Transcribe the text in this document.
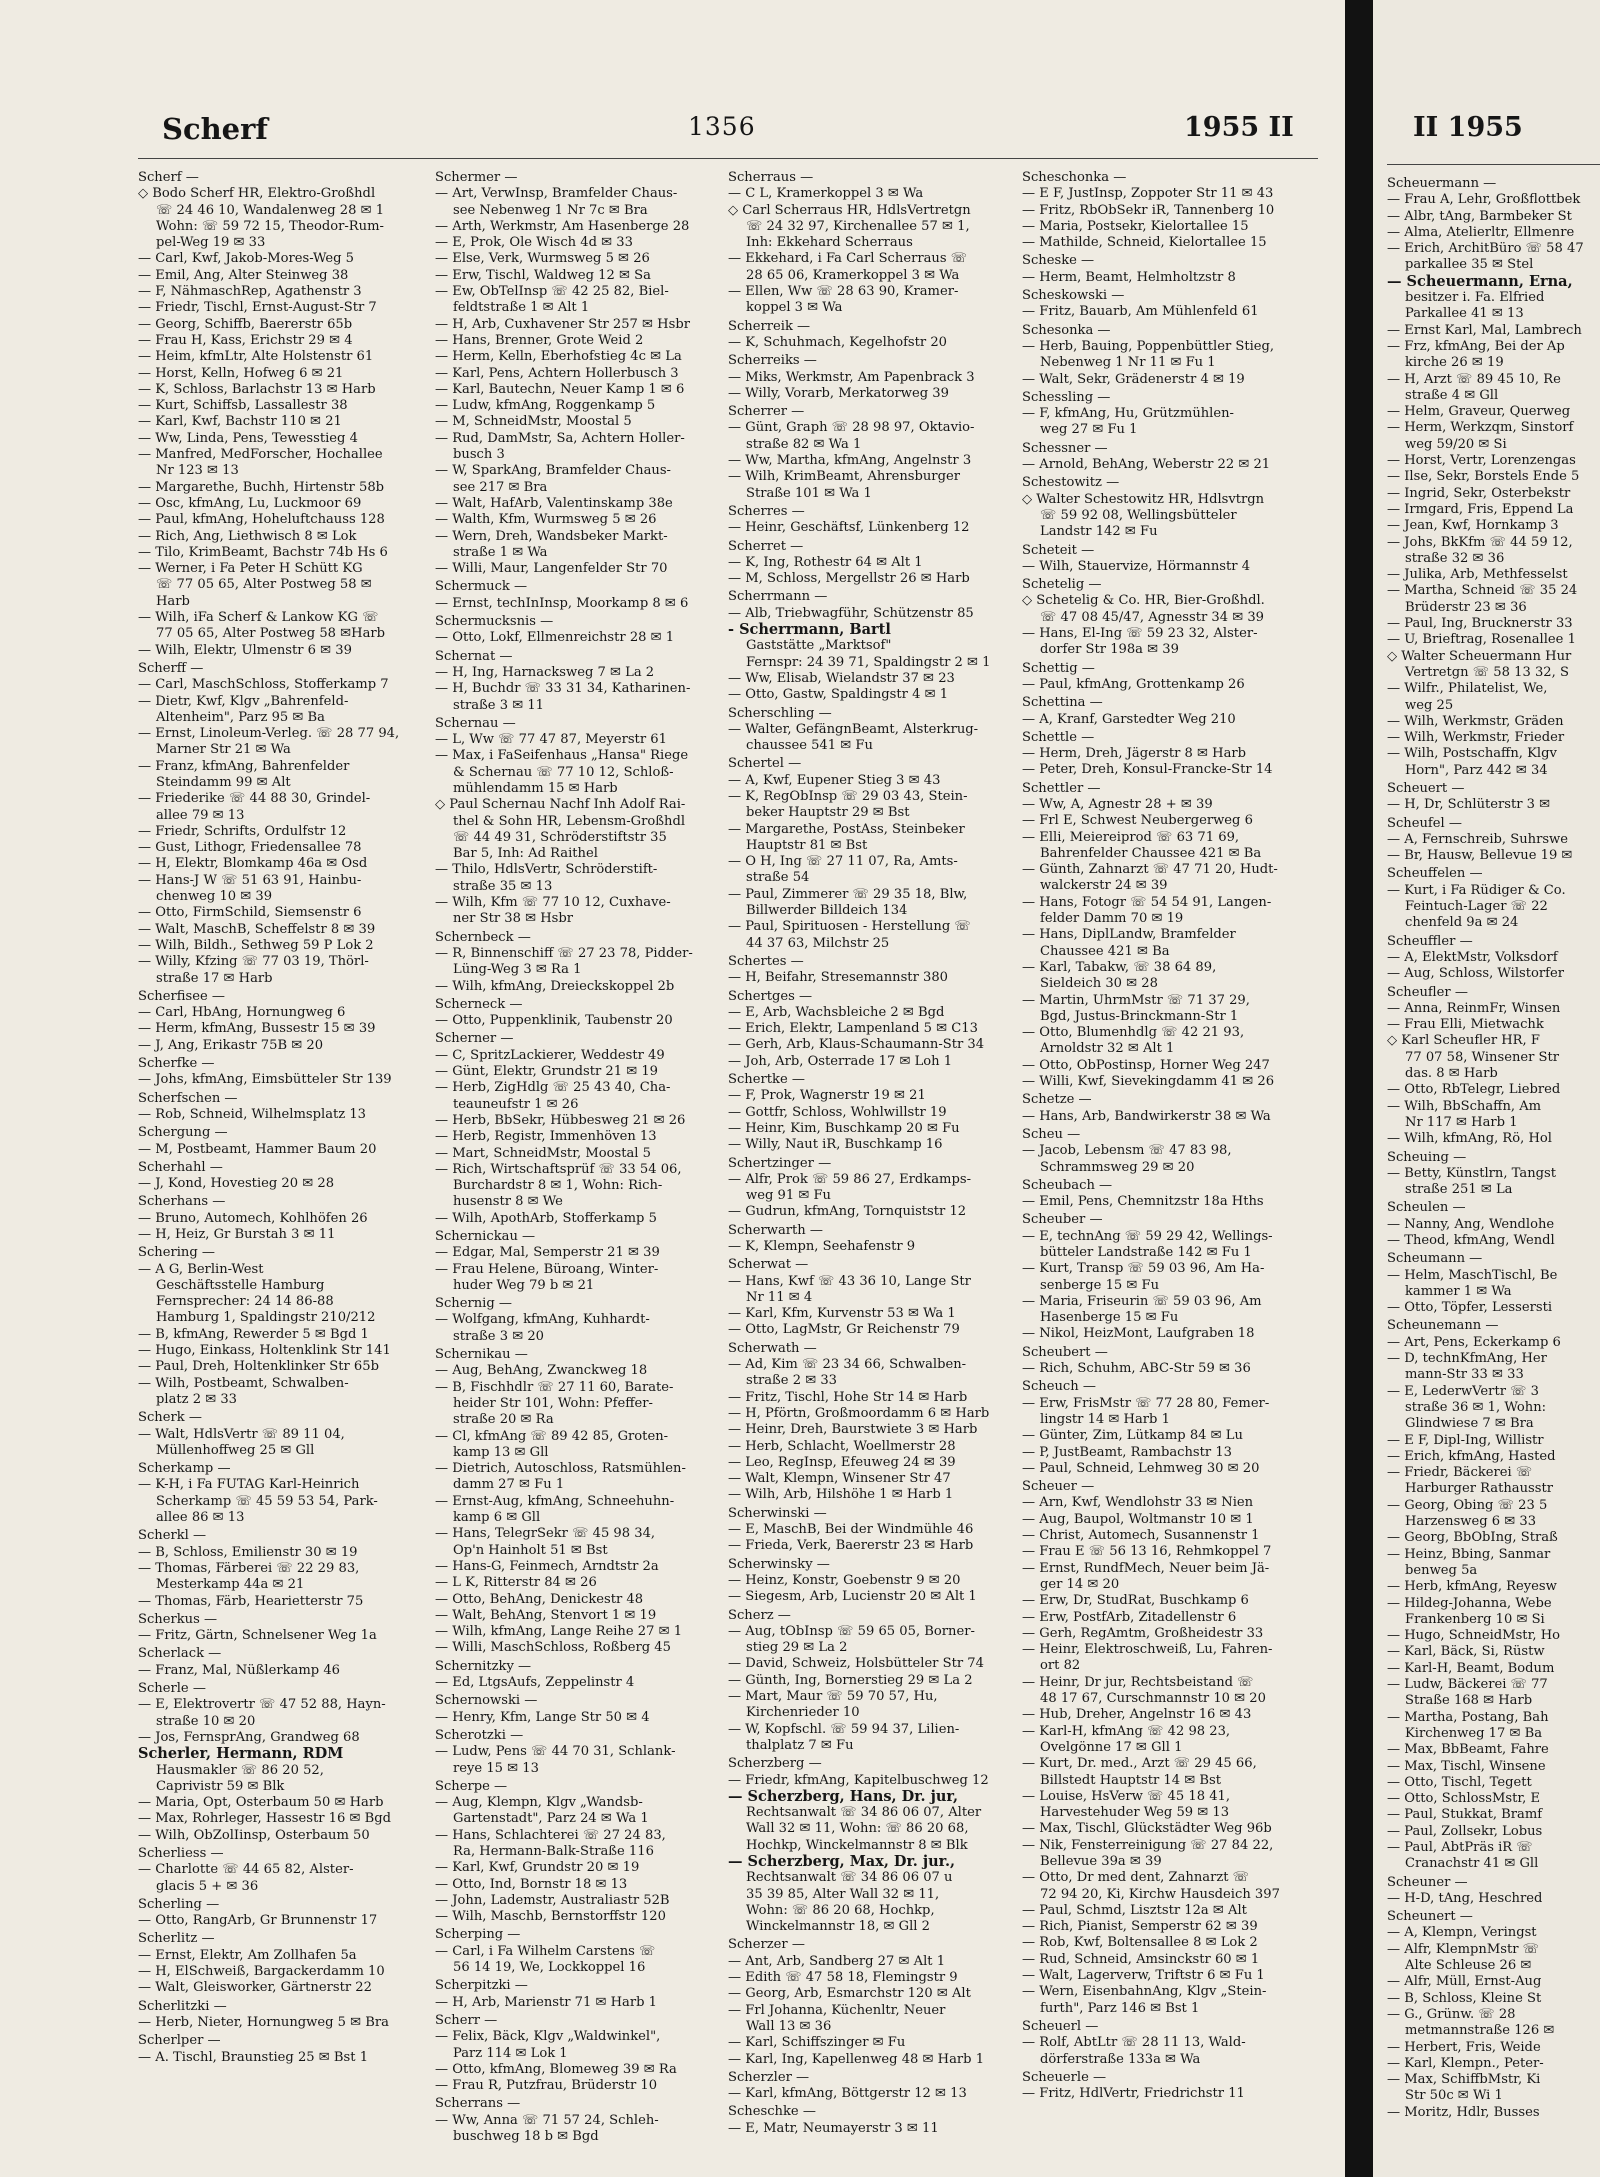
Scherf	1356	1955 II
Scherf —
◇ Bodo Scherf HR, Elektro-Großhdl
☏ 24 46 10, Wandalenweg 28 ✉ 1
Wohn: ☏ 59 72 15, Theodor-Rum-
pel-Weg 19 ✉ 33
— Carl, Kwf, Jakob-Mores-Weg 5
— Emil, Ang, Alter Steinweg 38
— F, NähmaschRep, Agathenstr 3
— Friedr, Tischl, Ernst-August-Str 7
— Georg, Schiffb, Baererstr 65b
— Frau H, Kass, Erichstr 29 ✉ 4
— Heim, kfmLtr, Alte Holstenstr 61
— Horst, Kelln, Hofweg 6 ✉ 21
— K, Schloss, Barlachstr 13 ✉ Harb
— Kurt, Schiffsb, Lassallestr 38
— Karl, Kwf, Bachstr 110 ✉ 21
— Ww, Linda, Pens, Tewesstieg 4
— Manfred, MedForscher, Hochallee
Nr 123 ✉ 13
— Margarethe, Buchh, Hirtenstr 58b
— Osc, kfmAng, Lu, Luckmoor 69
— Paul, kfmAng, Hoheluftchauss 128
— Rich, Ang, Liethwisch 8 ✉ Lok
— Tilo, KrimBeamt, Bachstr 74b Hs 6
— Werner, i Fa Peter H Schütt KG
☏ 77 05 65, Alter Postweg 58 ✉
Harb
— Wilh, iFa Scherf & Lankow KG ☏
77 05 65, Alter Postweg 58 ✉Harb
— Wilh, Elektr, Ulmenstr 6 ✉ 39
Scherff —
— Carl, MaschSchloss, Stofferkamp 7
— Dietr, Kwf, Klgv „Bahrenfeld-
Altenheim", Parz 95 ✉ Ba
— Ernst, Linoleum-Verleg. ☏ 28 77 94,
Marner Str 21 ✉ Wa
— Franz, kfmAng, Bahrenfelder
Steindamm 99 ✉ Alt
— Friederike ☏ 44 88 30, Grindel-
allee 79 ✉ 13
— Friedr, Schrifts, Ordulfstr 12
— Gust, Lithogr, Friedensallee 78
— H, Elektr, Blomkamp 46a ✉ Osd
— Hans-J W ☏ 51 63 91, Hainbu-
chenweg 10 ✉ 39
— Otto, FirmSchild, Siemsenstr 6
— Walt, MaschB, Scheffelstr 8 ✉ 39
— Wilh, Bildh., Sethweg 59 P Lok 2
— Willy, Kfzing ☏ 77 03 19, Thörl-
straße 17 ✉ Harb
Scherfisee —
— Carl, HbAng, Hornungweg 6
— Herm, kfmAng, Bussestr 15 ✉ 39
— J, Ang, Erikastr 75B ✉ 20
Scherfke —
— Johs, kfmAng, Eimsbütteler Str 139
Scherfschen —
— Rob, Schneid, Wilhelmsplatz 13
Schergung —
— M, Postbeamt, Hammer Baum 20
Scherhahl —
— J, Kond, Hovestieg 20 ✉ 28
Scherhans —
— Bruno, Automech, Kohlhöfen 26
— H, Heiz, Gr Burstah 3 ✉ 11
Schering —
— A G, Berlin-West
Geschäftsstelle Hamburg
Fernsprecher: 24 14 86-88
Hamburg 1, Spaldingstr 210/212
— B, kfmAng, Rewerder 5 ✉ Bgd 1
— Hugo, Einkass, Holtenklink Str 141
— Paul, Dreh, Holtenklinker Str 65b
— Wilh, Postbeamt, Schwalben-
platz 2 ✉ 33
Scherk —
— Walt, HdlsVertr ☏ 89 11 04,
Müllenhoffweg 25 ✉ Gll
Scherkamp —
— K-H, i Fa FUTAG Karl-Heinrich
Scherkamp ☏ 45 59 53 54, Park-
allee 86 ✉ 13
Scherkl —
— B, Schloss, Emilienstr 30 ✉ 19
— Thomas, Färberei ☏ 22 29 83,
Mesterkamp 44a ✉ 21
— Thomas, Färb, Hearietterstr 75
Scherkus —
— Fritz, Gärtn, Schnelsener Weg 1a
Scherlack —
— Franz, Mal, Nüßlerkamp 46
Scherle —
— E, Elektrovertr ☏ 47 52 88, Hayn-
straße 10 ✉ 20
— Jos, FernsprAng, Grandweg 68
Scherler, Hermann, RDM
Hausmakler ☏ 86 20 52,
Caprivistr 59 ✉ Blk
— Maria, Opt, Osterbaum 50 ✉ Harb
— Max, Rohrleger, Hassestr 16 ✉ Bgd
— Wilh, ObZolIinsp, Osterbaum 50
Scherliess —
— Charlotte ☏ 44 65 82, Alster-
glacis 5 + ✉ 36
Scherling —
— Otto, RangArb, Gr Brunnenstr 17
Scherlitz —
— Ernst, Elektr, Am Zollhafen 5a
— H, ElSchweiß, Bargackerdamm 10
— Walt, Gleisworker, Gärtnerstr 22
Scherlitzki —
— Herb, Nieter, Hornungweg 5 ✉ Bra
Scherlper —
— A. Tischl, Braunstieg 25 ✉ Bst 1
Schermer —
— Art, VerwInsp, Bramfelder Chaus-
see Nebenweg 1 Nr 7c ✉ Bra
— Arth, Werkmstr, Am Hasenberge 28
— E, Prok, Ole Wisch 4d ✉ 33
— Else, Verk, Wurmsweg 5 ✉ 26
— Erw, Tischl, Waldweg 12 ✉ Sa
— Ew, ObTelInsp ☏ 42 25 82, Biel-
feldtstraße 1 ✉ Alt 1
— H, Arb, Cuxhavener Str 257 ✉ Hsbr
— Hans, Brenner, Grote Weid 2
— Herm, Kelln, Eberhofstieg 4c ✉ La
— Karl, Pens, Achtern Hollerbusch 3
— Karl, Bautechn, Neuer Kamp 1 ✉ 6
— Ludw, kfmAng, Roggenkamp 5
— M, SchneidMstr, Moostal 5
— Rud, DamMstr, Sa, Achtern Holler-
busch 3
— W, SparkAng, Bramfelder Chaus-
see 217 ✉ Bra
— Walt, HafArb, Valentinskamp 38e
— Walth, Kfm, Wurmsweg 5 ✉ 26
— Wern, Dreh, Wandsbeker Markt-
straße 1 ✉ Wa
— Willi, Maur, Langenfelder Str 70
Schermuck —
— Ernst, techInInsp, Moorkamp 8 ✉ 6
Schermucksnis —
— Otto, Lokf, Ellmenreichstr 28 ✉ 1
Schernat —
— H, Ing, Harnacksweg 7 ✉ La 2
— H, Buchdr ☏ 33 31 34, Katharinen-
straße 3 ✉ 11
Schernau —
— L, Ww ☏ 77 47 87, Meyerstr 61
— Max, i FaSeifenhaus „Hansa" Riege
& Schernau ☏ 77 10 12, Schloß-
mühlendamm 15 ✉ Harb
◇ Paul Schernau Nachf Inh Adolf Rai-
thel & Sohn HR, Lebensm-Großhdl
☏ 44 49 31, Schröderstiftstr 35
Bar 5, Inh: Ad Raithel
— Thilo, HdlsVertr, Schröderstift-
straße 35 ✉ 13
— Wilh, Kfm ☏ 77 10 12, Cuxhave-
ner Str 38 ✉ Hsbr
Schernbeck —
— R, Binnenschiff ☏ 27 23 78, Pidder-
Lüng-Weg 3 ✉ Ra 1
— Wilh, kfmAng, Dreieckskoppel 2b
Scherneck —
— Otto, Puppenklinik, Taubenstr 20
Scherner —
— C, SpritzLackierer, Weddestr 49
— Günt, Elektr, Grundstr 21 ✉ 19
— Herb, ZigHdlg ☏ 25 43 40, Cha-
teauneufstr 1 ✉ 26
— Herb, BbSekr, Hübbesweg 21 ✉ 26
— Herb, Registr, Immenhöven 13
— Mart, SchneidMstr, Moostal 5
— Rich, Wirtschaftsprüf ☏ 33 54 06,
Burchardstr 8 ✉ 1, Wohn: Rich-
husenstr 8 ✉ We
— Wilh, ApothArb, Stofferkamp 5
Schernickau —
— Edgar, Mal, Semperstr 21 ✉ 39
— Frau Helene, Büroang, Winter-
huder Weg 79 b ✉ 21
Schernig —
— Wolfgang, kfmAng, Kuhhardt-
straße 3 ✉ 20
Schernikau —
— Aug, BehAng, Zwanckweg 18
— B, Fischhdlr ☏ 27 11 60, Barate-
heider Str 101, Wohn: Pfeffer-
straße 20 ✉ Ra
— Cl, kfmAng ☏ 89 42 85, Groten-
kamp 13 ✉ Gll
— Dietrich, Autoschloss, Ratsmühlen-
damm 27 ✉ Fu 1
— Ernst-Aug, kfmAng, Schneehuhn-
kamp 6 ✉ Gll
— Hans, TelegrSekr ☏ 45 98 34,
Op'n Hainholt 51 ✉ Bst
— Hans-G, Feinmech, Arndtstr 2a
— L K, Ritterstr 84 ✉ 26
— Otto, BehAng, Denickestr 48
— Walt, BehAng, Stenvort 1 ✉ 19
— Wilh, kfmAng, Lange Reihe 27 ✉ 1
— Willi, MaschSchloss, Roßberg 45
Schernitzky —
— Ed, LtgsAufs, Zeppelinstr 4
Schernowski —
— Henry, Kfm, Lange Str 50 ✉ 4
Scherotzki —
— Ludw, Pens ☏ 44 70 31, Schlank-
reye 15 ✉ 13
Scherpe —
— Aug, Klempn, Klgv „Wandsb-
Gartenstadt", Parz 24 ✉ Wa 1
— Hans, Schlachterei ☏ 27 24 83,
Ra, Hermann-Balk-Straße 116
— Karl, Kwf, Grundstr 20 ✉ 19
— Otto, Ind, Bornstr 18 ✉ 13
— John, Lademstr, Australiastr 52B
— Wilh, Maschb, Bernstorffstr 120
Scherping —
— Carl, i Fa Wilhelm Carstens ☏
56 14 19, We, Lockkoppel 16
Scherpitzki —
— H, Arb, Marienstr 71 ✉ Harb 1
Scherr —
— Felix, Bäck, Klgv „Waldwinkel",
Parz 114 ✉ Lok 1
— Otto, kfmAng, Blomeweg 39 ✉ Ra
— Frau R, Putzfrau, Brüderstr 10
Scherrans —
— Ww, Anna ☏ 71 57 24, Schleh-
buschweg 18 b ✉ Bgd
Scherraus —
— C L, Kramerkoppel 3 ✉ Wa
◇ Carl Scherraus HR, HdlsVertretgn
☏ 24 32 97, Kirchenallee 57 ✉ 1,
Inh: Ekkehard Scherraus
— Ekkehard, i Fa Carl Scherraus ☏
28 65 06, Kramerkoppel 3 ✉ Wa
— Ellen, Ww ☏ 28 63 90, Kramer-
koppel 3 ✉ Wa
Scherreik —
— K, Schuhmach, Kegelhofstr 20
Scherreiks —
— Miks, Werkmstr, Am Papenbrack 3
— Willy, Vorarb, Merkatorweg 39
Scherrer —
— Günt, Graph ☏ 28 98 97, Oktavio-
straße 82 ✉ Wa 1
— Ww, Martha, kfmAng, Angelnstr 3
— Wilh, KrimBeamt, Ahrensburger
Straße 101 ✉ Wa 1
Scherres —
— Heinr, Geschäftsf, Lünkenberg 12
Scherret —
— K, Ing, Rothestr 64 ✉ Alt 1
— M, Schloss, Mergellstr 26 ✉ Harb
Scherrmann —
— Alb, Triebwagführ, Schützenstr 85
- Scherrmann, Bartl
Gaststätte „Marktsof"
Fernspr: 24 39 71, Spaldingstr 2 ✉ 1
— Ww, Elisab, Wielandstr 37 ✉ 23
— Otto, Gastw, Spaldingstr 4 ✉ 1
Scherschling —
— Walter, GefängnBeamt, Alsterkrug-
chaussee 541 ✉ Fu
Schertel —
— A, Kwf, Eupener Stieg 3 ✉ 43
— K, RegObInsp ☏ 29 03 43, Stein-
beker Hauptstr 29 ✉ Bst
— Margarethe, PostAss, Steinbeker
Hauptstr 81 ✉ Bst
— O H, Ing ☏ 27 11 07, Ra, Amts-
straße 54
— Paul, Zimmerer ☏ 29 35 18, Blw,
Billwerder Billdeich 134
— Paul, Spirituosen - Herstellung ☏
44 37 63, Milchstr 25
Schertes —
— H, Beifahr, Stresemannstr 380
Schertges —
— E, Arb, Wachsbleiche 2 ✉ Bgd
— Erich, Elektr, Lampenland 5 ✉ C13
— Gerh, Arb, Klaus-Schaumann-Str 34
— Joh, Arb, Osterrade 17 ✉ Loh 1
Schertke —
— F, Prok, Wagnerstr 19 ✉ 21
— Gottfr, Schloss, Wohlwillstr 19
— Heinr, Kim, Buschkamp 20 ✉ Fu
— Willy, Naut iR, Buschkamp 16
Schertzinger —
— Alfr, Prok ☏ 59 86 27, Erdkamps-
weg 91 ✉ Fu
— Gudrun, kfmAng, Tornquiststr 12
Scherwarth —
— K, Klempn, Seehafenstr 9
Scherwat —
— Hans, Kwf ☏ 43 36 10, Lange Str
Nr 11 ✉ 4
— Karl, Kfm, Kurvenstr 53 ✉ Wa 1
— Otto, LagMstr, Gr Reichenstr 79
Scherwath —
— Ad, Kim ☏ 23 34 66, Schwalben-
straße 2 ✉ 33
— Fritz, Tischl, Hohe Str 14 ✉ Harb
— H, Pförtn, Großmoordamm 6 ✉ Harb
— Heinr, Dreh, Baurstwiete 3 ✉ Harb
— Herb, Schlacht, Woellmerstr 28
— Leo, RegInsp, Efeuweg 24 ✉ 39
— Walt, Klempn, Winsener Str 47
— Wilh, Arb, Hilshöhe 1 ✉ Harb 1
Scherwinski —
— E, MaschB, Bei der Windmühle 46
— Frieda, Verk, Baererstr 23 ✉ Harb
Scherwinsky —
— Heinz, Konstr, Goebenstr 9 ✉ 20
— Siegesm, Arb, Lucienstr 20 ✉ Alt 1
Scherz —
— Aug, tObInsp ☏ 59 65 05, Borner-
stieg 29 ✉ La 2
— David, Schweiz, Holsbütteler Str 74
— Günth, Ing, Bornerstieg 29 ✉ La 2
— Mart, Maur ☏ 59 70 57, Hu,
Kirchenrieder 10
— W, Kopfschl. ☏ 59 94 37, Lilien-
thalplatz 7 ✉ Fu
Scherzberg —
— Friedr, kfmAng, Kapitelbuschweg 12
— Scherzberg, Hans, Dr. jur,
Rechtsanwalt ☏ 34 86 06 07, Alter
Wall 32 ✉ 11, Wohn: ☏ 86 20 68,
Hochkp, Winckelmannstr 8 ✉ Blk
— Scherzberg, Max, Dr. jur.,
Rechtsanwalt ☏ 34 86 06 07 u
35 39 85, Alter Wall 32 ✉ 11,
Wohn: ☏ 86 20 68, Hochkp,
Winckelmannstr 18, ✉ Gll 2
Scherzer —
— Ant, Arb, Sandberg 27 ✉ Alt 1
— Edith ☏ 47 58 18, Flemingstr 9
— Georg, Arb, Esmarchstr 120 ✉ Alt
— Frl Johanna, Küchenltr, Neuer
Wall 13 ✉ 36
— Karl, Schiffszinger ✉ Fu
— Karl, Ing, Kapellenweg 48 ✉ Harb 1
Scherzler —
— Karl, kfmAng, Böttgerstr 12 ✉ 13
Scheschke —
— E, Matr, Neumayerstr 3 ✉ 11
Scheschonka —
— E F, JustInsp, Zoppoter Str 11 ✉ 43
— Fritz, RbObSekr iR, Tannenberg 10
— Maria, Postsekr, Kielortallee 15
— Mathilde, Schneid, Kielortallee 15
Scheske —
— Herm, Beamt, Helmholtzstr 8
Scheskowski —
— Fritz, Bauarb, Am Mühlenfeld 61
Schesonka —
— Herb, Bauing, Poppenbüttler Stieg,
Nebenweg 1 Nr 11 ✉ Fu 1
— Walt, Sekr, Grädenerstr 4 ✉ 19
Schessling —
— F, kfmAng, Hu, Grützmühlen-
weg 27 ✉ Fu 1
Schessner —
— Arnold, BehAng, Weberstr 22 ✉ 21
Schestowitz —
◇ Walter Schestowitz HR, Hdlsvtrgn
☏ 59 92 08, Wellingsbütteler
Landstr 142 ✉ Fu
Scheteit —
— Wilh, Stauervize, Hörmannstr 4
Schetelig —
◇ Schetelig & Co. HR, Bier-Großhdl.
☏ 47 08 45/47, Agnesstr 34 ✉ 39
— Hans, El-Ing ☏ 59 23 32, Alster-
dorfer Str 198a ✉ 39
Schettig —
— Paul, kfmAng, Grottenkamp 26
Schettina —
— A, Kranf, Garstedter Weg 210
Schettle —
— Herm, Dreh, Jägerstr 8 ✉ Harb
— Peter, Dreh, Konsul-Francke-Str 14
Schettler —
— Ww, A, Agnestr 28 + ✉ 39
— Frl E, Schwest Neubergerweg 6
— Elli, Meiereiprod ☏ 63 71 69,
Bahrenfelder Chaussee 421 ✉ Ba
— Günth, Zahnarzt ☏ 47 71 20, Hudt-
walckerstr 24 ✉ 39
— Hans, Fotogr ☏ 54 54 91, Langen-
felder Damm 70 ✉ 19
— Hans, DiplLandw, Bramfelder
Chaussee 421 ✉ Ba
— Karl, Tabakw, ☏ 38 64 89,
Sieldeich 30 ✉ 28
— Martin, UhrmMstr ☏ 71 37 29,
Bgd, Justus-Brinckmann-Str 1
— Otto, Blumenhdlg ☏ 42 21 93,
Arnoldstr 32 ✉ Alt 1
— Otto, ObPostinsp, Horner Weg 247
— Willi, Kwf, Sievekingdamm 41 ✉ 26
Schetze —
— Hans, Arb, Bandwirkerstr 38 ✉ Wa
Scheu —
— Jacob, Lebensm ☏ 47 83 98,
Schrammsweg 29 ✉ 20
Scheubach —
— Emil, Pens, Chemnitzstr 18a Hths
Scheuber —
— E, technAng ☏ 59 29 42, Wellings-
bütteler Landstraße 142 ✉ Fu 1
— Kurt, Transp ☏ 59 03 96, Am Ha-
senberge 15 ✉ Fu
— Maria, Friseurin ☏ 59 03 96, Am
Hasenberge 15 ✉ Fu
— Nikol, HeizMont, Laufgraben 18
Scheubert —
— Rich, Schuhm, ABC-Str 59 ✉ 36
Scheuch —
— Erw, FrisMstr ☏ 77 28 80, Femer-
lingstr 14 ✉ Harb 1
— Günter, Zim, Lütkamp 84 ✉ Lu
— P, JustBeamt, Rambachstr 13
— Paul, Schneid, Lehmweg 30 ✉ 20
Scheuer —
— Arn, Kwf, Wendlohstr 33 ✉ Nien
— Aug, Baupol, Woltmanstr 10 ✉ 1
— Christ, Automech, Susannenstr 1
— Frau E ☏ 56 13 16, Rehmkoppel 7
— Ernst, RundfMech, Neuer beim Jä-
ger 14 ✉ 20
— Erw, Dr, StudRat, Buschkamp 6
— Erw, PostfArb, Zitadellenstr 6
— Gerh, RegAmtm, Großheidestr 33
— Heinr, Elektroschweiß, Lu, Fahren-
ort 82
— Heinr, Dr jur, Rechtsbeistand ☏
48 17 67, Curschmannstr 10 ✉ 20
— Hub, Dreher, Angelnstr 16 ✉ 43
— Karl-H, kfmAng ☏ 42 98 23,
Ovelgönne 17 ✉ Gll 1
— Kurt, Dr. med., Arzt ☏ 29 45 66,
Billstedt Hauptstr 14 ✉ Bst
— Louise, HsVerw ☏ 45 18 41,
Harvestehuder Weg 59 ✉ 13
— Max, Tischl, Glückstädter Weg 96b
— Nik, Fensterreinigung ☏ 27 84 22,
Bellevue 39a ✉ 39
— Otto, Dr med dent, Zahnarzt ☏
72 94 20, Ki, Kirchw Hausdeich 397
— Paul, Schmd, Lisztstr 12a ✉ Alt
— Rich, Pianist, Semperstr 62 ✉ 39
— Rob, Kwf, Boltensallee 8 ✉ Lok 2
— Rud, Schneid, Amsinckstr 60 ✉ 1
— Walt, Lagerverw, Triftstr 6 ✉ Fu 1
— Wern, EisenbahnAng, Klgv „Stein-
furth", Parz 146 ✉ Bst 1
Scheuerl —
— Rolf, AbtLtr ☏ 28 11 13, Wald-
dörferstraße 133a ✉ Wa
Scheuerle —
— Fritz, HdlVertr, Friedrichstr 11
II 1955
Scheuermann —
— Frau A, Lehr, Großflottbek
— Albr, tAng, Barmbeker St
— Alma, Atelierltr, Ellmenre
— Erich, ArchitBüro ☏ 58 47
parkallee 35 ✉ Stel
— Scheuermann, Erna,
besitzer i. Fa. Elfried
Parkallee 41 ✉ 13
— Ernst Karl, Mal, Lambrech
— Frz, kfmAng, Bei der Ap
kirche 26 ✉ 19
— H, Arzt ☏ 89 45 10, Re
straße 4 ✉ Gll
— Helm, Graveur, Querweg
— Herm, Werkzqm, Sinstorf
weg 59/20 ✉ Si
— Horst, Vertr, Lorenzengas
— Ilse, Sekr, Borstels Ende 5
— Ingrid, Sekr, Osterbekstr
— Irmgard, Fris, Eppend La
— Jean, Kwf, Hornkamp 3
— Johs, BkKfm ☏ 44 59 12,
straße 32 ✉ 36
— Julika, Arb, Methfesselst
— Martha, Schneid ☏ 35 24
Brüderstr 23 ✉ 36
— Paul, Ing, Brucknerstr 33
— U, Brieftrag, Rosenallee 1
◇ Walter Scheuermann Hur
Vertretgn ☏ 58 13 32, S
— Wilfr., Philatelist, We,
weg 25
— Wilh, Werkmstr, Gräden
— Wilh, Werkmstr, Frieder
— Wilh, Postschaffn, Klgv
Horn", Parz 442 ✉ 34
Scheuert —
— H, Dr, Schlüterstr 3 ✉
Scheufel —
— A, Fernschreib, Suhrswe
— Br, Hausw, Bellevue 19 ✉
Scheuffelen —
— Kurt, i Fa Rüdiger & Co.
Feintuch-Lager ☏ 22
chenfeld 9a ✉ 24
Scheuffler —
— A, ElektMstr, Volksdorf
— Aug, Schloss, Wilstorfer
Scheufler —
— Anna, ReinmFr, Winsen
— Frau Elli, Mietwachk
◇ Karl Scheufler HR, F
77 07 58, Winsener Str
das. 8 ✉ Harb
— Otto, RbTelegr, Liebred
— Wilh, BbSchaffn, Am
Nr 117 ✉ Harb 1
— Wilh, kfmAng, Rö, Hol
Scheuing —
— Betty, Künstlrn, Tangst
straße 251 ✉ La
Scheulen —
— Nanny, Ang, Wendlohe
— Theod, kfmAng, Wendl
Scheumann —
— Helm, MaschTischl, Be
kammer 1 ✉ Wa
— Otto, Töpfer, Lessersti
Scheunemann —
— Art, Pens, Eckerkamp 6
— D, technKfmAng, Her
mann-Str 33 ✉ 33
— E, LederwVertr ☏ 3
straße 36 ✉ 1, Wohn:
Glindwiese 7 ✉ Bra
— E F, Dipl-Ing, Willistr
— Erich, kfmAng, Hasted
— Friedr, Bäckerei ☏
Harburger Rathausstr
— Georg, Obing ☏ 23 5
Harzensweg 6 ✉ 33
— Georg, BbObIng, Straß
— Heinz, Bbing, Sanmar
benweg 5a
— Herb, kfmAng, Reyesw
— Hildeg-Johanna, Webe
Frankenberg 10 ✉ Si
— Hugo, SchneidMstr, Ho
— Karl, Bäck, Si, Rüstw
— Karl-H, Beamt, Bodum
— Ludw, Bäckerei ☏ 77
Straße 168 ✉ Harb
— Martha, Postang, Bah
Kirchenweg 17 ✉ Ba
— Max, BbBeamt, Fahre
— Max, Tischl, Winsene
— Otto, Tischl, Tegett
— Otto, SchlossMstr, E
— Paul, Stukkat, Bramf
— Paul, Zollsekr, Lobus
— Paul, AbtPräs iR ☏
Cranachstr 41 ✉ Gll
Scheuner —
— H-D, tAng, Heschred
Scheunert —
— A, Klempn, Veringst
— Alfr, KlempnMstr ☏
Alte Schleuse 26 ✉
— Alfr, Müll, Ernst-Aug
— B, Schloss, Kleine St
— G., Grünw. ☏ 28
metmannstraße 126 ✉
— Herbert, Fris, Weide
— Karl, Klempn., Peter-
— Max, SchiffbMstr, Ki
Str 50c ✉ Wi 1
— Moritz, Hdlr, Busses
